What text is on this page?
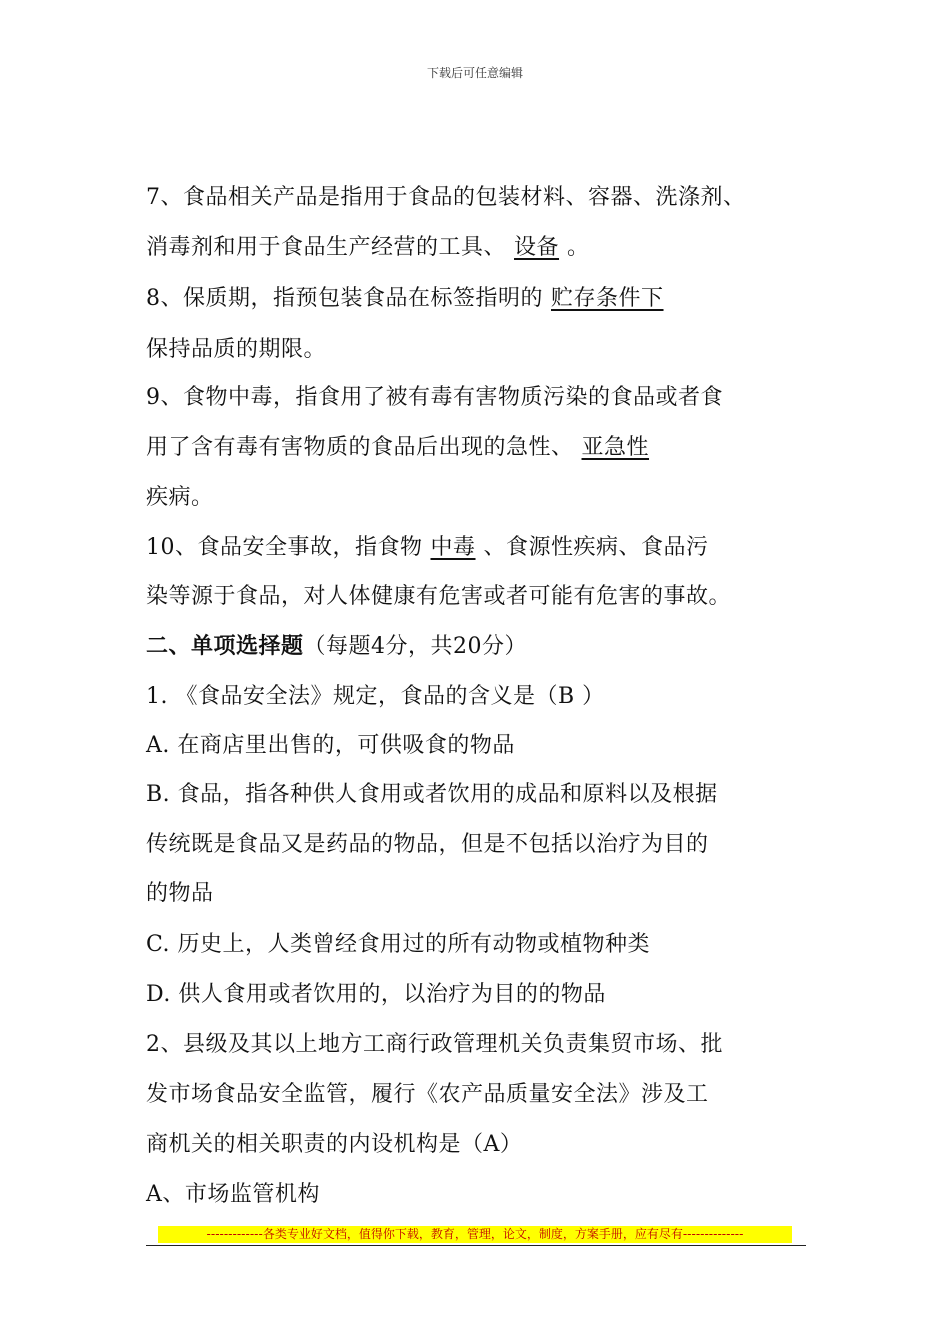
下载后可任意编辑
7、食品相关产品是指用于食品的包装材料、容器、洗涤剂、
消毒剂和用于食品生产经营的工具、 设备 。
8、保质期，指预包装食品在标签指明的 贮存条件下
保持品质的期限。
9、食物中毒，指食用了被有毒有害物质污染的食品或者食
用了含有毒有害物质的食品后出现的急性、 亚急性
疾病。
10、食品安全事故，指食物 中毒 、食源性疾病、食品污
染等源于食品，对人体健康有危害或者可能有危害的事故。
二、单项选择题（每题4分，共20分）
1. 《食品安全法》规定，食品的含义是（B ）
A. 在商店里出售的，可供吸食的物品
B. 食品，指各种供人食用或者饮用的成品和原料以及根据
传统既是食品又是药品的物品，但是不包括以治疗为目的
的物品
C. 历史上，人类曾经食用过的所有动物或植物种类
D. 供人食用或者饮用的，以治疗为目的的物品
2、县级及其以上地方工商行政管理机关负责集贸市场、批
发市场食品安全监管，履行《农产品质量安全法》涉及工
商机关的相关职责的内设机构是（A）
A、市场监管机构
-------------各类专业好文档，值得你下载，教育，管理，论文，制度，方案手册，应有尽有--------------
